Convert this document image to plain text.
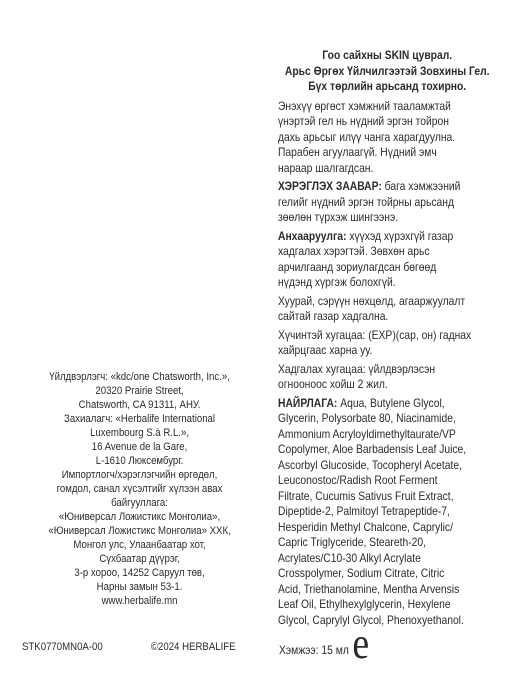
Үйлдвэрлэгч: «kdc/one Chatsworth, Inc.»,
20320 Prairie Street,
Chatsworth, CA 91311, АНУ.
Захиалагч: «Herbalife International
Luxembourg S.à R.L.»,
16 Avenue de la Gare,
L-1610 Люксембург.
Импортлогч/хэрэглэгчийн өргөдөл,
гомдол, санал хүсэлтийг хүлээн авах
байгууллага:
«Юниверсал Ложистикс Монголиа»,
«Юниверсал Ложистикс Монголиа» ХХК,
Монгол улс, Улаанбаатар хот,
Сүхбаатар дүүрэг,
3-р хороо, 14252 Саруул төв,
Нарны замын 53-1.
www.herbalife.mn
STK0770MN0A-00	©2024 HERBALIFE
Гоо сайхны SKIN цуврал.
Арьс Өргөх Үйлчилгээтэй Зовхины Гел.
Бүх төрлийн арьсанд тохирно.
Энэхүү өргөст хэмжний тааламжтай
үнэртэй гел нь нүдний эргэн тойрон
дахь арьсыг илүү чанга харагдуулна.
Парабен агуулаагүй. Нүдний эмч
нараар шалгагдсан.
ХЭРЭГЛЭХ ЗААВАР: бага хэмжээний
гелийг нүдний эргэн тойрны арьсанд
зөөлөн түрхэж шингээнэ.
Анхааруулга: хүүхэд хүрэхгүй газар
хадгалах хэрэгтэй. Зөвхөн арьс
арчилгаанд зориулагдсан бөгөөд
нүдэнд хүргэж болохгүй.
Хуурай, сэрүүн нөхцөлд, агааржуулалт
сайтай газар хадгална.
Хүчинтэй хугацаа: (EXP)(сар, он) гаднах
хайрцгааc харна уу.
Хадгалах хугацаа: үйлдвэрлэсэн
огнооноос хойш 2 жил.
НАЙРЛАГА: Aqua, Butylene Glycol,
Glycerin, Polysorbate 80, Niacinamide,
Ammonium Acryloyldimethyltaurate/VP
Copolymer, Aloe Barbadensis Leaf Juice,
Ascorbyl Glucoside, Tocopheryl Acetate,
Leuconostoc/Radish Root Ferment
Filtrate, Cucumis Sativus Fruit Extract,
Dipeptide-2, Palmitoyl Tetrapeptide-7,
Hesperidin Methyl Chalcone, Caprylic/
Capric Triglyceride, Steareth-20,
Acrylates/C10-30 Alkyl Acrylate
Crosspolymer, Sodium Citrate, Citric
Acid, Triethanolamine, Mentha Arvensis
Leaf Oil, Ethylhexylglycerin, Hexylene
Glycol, Caprylyl Glycol, Phenoxyethanol.
Хэмжээ: 15 млe
